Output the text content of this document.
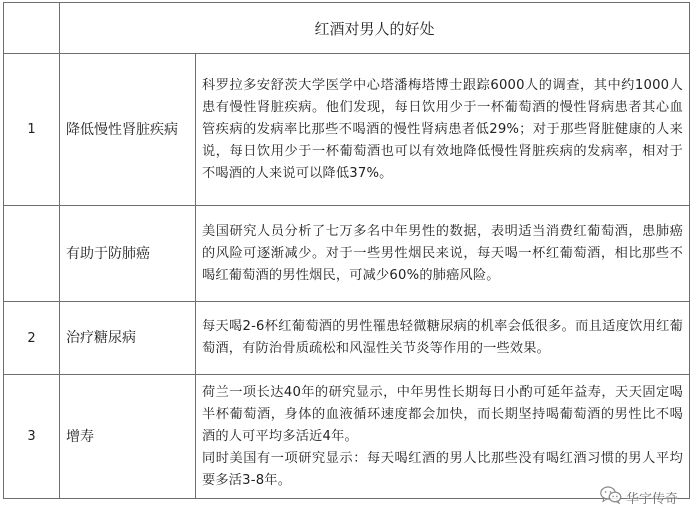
	红酒对男人的好处	
1	降低慢性肾脏疾病	科罗拉多安舒茨大学医学中心塔潘梅塔博士跟踪6000人的调查，其中约1000人患有慢性肾脏疾病。他们发现，每日饮用少于一杯葡萄酒的慢性肾病患者其心血管疾病的发病率比那些不喝酒的慢性肾病患者低29%；对于那些肾脏健康的人来说，每日饮用少于一杯葡萄酒也可以有效地降低慢性肾脏疾病的发病率，相对于不喝酒的人来说可以降低37%。

	有助于防肺癌	美国研究人员分析了七万多名中年男性的数据，表明适当消费红葡萄酒，患肺癌的风险可逐渐减少。对于一些男性烟民来说，每天喝一杯红葡萄酒，相比那些不喝红葡萄酒的男性烟民，可减少60%的肺癌风险。

2	治疗糖尿病	每天喝2-6杯红葡萄酒的男性罹患轻微糖尿病的机率会低很多。而且适度饮用红葡萄酒，有防治骨质疏松和风湿性关节炎等作用的一些效果。

3	增寿	荷兰一项长达40年的研究显示，中年男性长期每日小酌可延年益寿，天天固定喝半杯葡萄酒，身体的血液循环速度都会加快，而长期坚持喝葡萄酒的男性比不喝酒的人可平均多活近4年。

同时美国有一项研究显示：每天喝红酒的男人比那些没有喝红酒习惯的男人平均要多活3-8年。

华宇传奇
